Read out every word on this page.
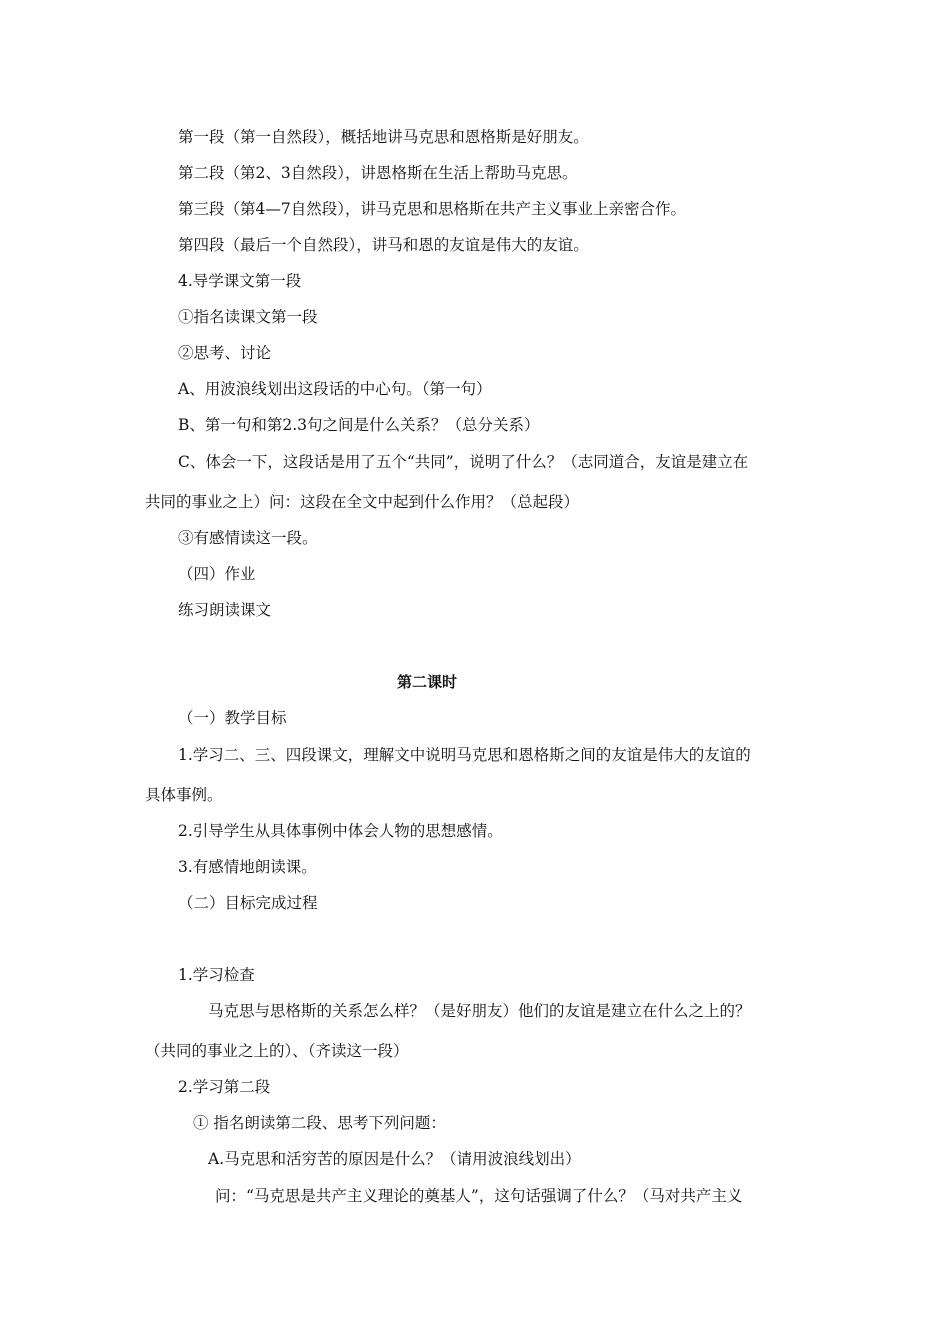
第一段（第一自然段），概括地讲马克思和恩格斯是好朋友。
第二段（第2、3自然段），讲恩格斯在生活上帮助马克思。
第三段（第4—7自然段），讲马克思和思格斯在共产主义事业上亲密合作。
第四段（最后一个自然段），讲马和恩的友谊是伟大的友谊。
4.导学课文第一段
①指名读课文第一段
②思考、讨论
A、用波浪线划出这段话的中心句。（第一句）
B、第一句和第2.3句之间是什么关系？（总分关系）
C、体会一下，这段话是用了五个“共同”，说明了什么？（志同道合，友谊是建立在
共同的事业之上）问：这段在全文中起到什么作用？（总起段）
③有感情读这一段。
（四）作业
练习朗读课文
第二课时
（一）教学目标
1.学习二、三、四段课文，理解文中说明马克思和恩格斯之间的友谊是伟大的友谊的
具体事例。
2.引导学生从具体事例中体会人物的思想感情。
3.有感情地朗读课。
（二）目标完成过程
1.学习检查
马克思与思格斯的关系怎么样？（是好朋友）他们的友谊是建立在什么之上的？
（共同的事业之上的）、（齐读这一段）
2.学习第二段
① 指名朗读第二段、思考下列问题：
A.马克思和活穷苦的原因是什么？（请用波浪线划出）
问：“马克思是共产主义理论的奠基人”，这句话强调了什么？（马对共产主义
